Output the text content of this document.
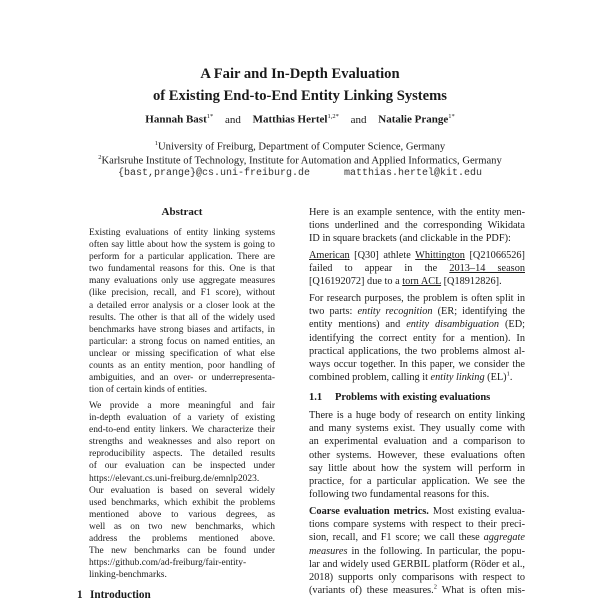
A Fair and In-Depth Evaluation
of Existing End-to-End Entity Linking Systems
Hannah Bast$^{1*}$ and Matthias Hertel$^{1,2*}$ and Natalie Prange$^{1*}$
$^1$University of Freiburg, Department of Computer Science, Germany
$^2$Karlsruhe Institute of Technology, Institute for Automation and Applied Informatics, Germany
{bast,prange}@cs.uni-freiburg.de	matthias.hertel@kit.edu
Abstract
Existing evaluations of entity linking systems
often say little about how the system is going to
perform for a particular application. There are
two fundamental reasons for this. One is that
many evaluations only use aggregate measures
(like precision, recall, and F1 score), without
a detailed error analysis or a closer look at the
results. The other is that all of the widely used
benchmarks have strong biases and artifacts, in
particular: a strong focus on named entities, an
unclear or missing specification of what else
counts as an entity mention, poor handling of
ambiguities, and an over- or underrepresenta-
tion of certain kinds of entities.
We provide a more meaningful and fair
in-depth evaluation of a variety of existing
end-to-end entity linkers. We characterize their
strengths and weaknesses and also report on
reproducibility aspects. The detailed results
of our evaluation can be inspected under
https://elevant.cs.uni-freiburg.de/emnlp2023.
Our evaluation is based on several widely
used benchmarks, which exhibit the problems
mentioned above to various degrees, as
well as on two new benchmarks, which
address the problems mentioned above.
The new benchmarks can be found under
https://github.com/ad-freiburg/fair-entity-
linking-benchmarks.
1 Introduction
Here is an example sentence, with the entity men-
tions underlined and the corresponding Wikidata
ID in square brackets (and clickable in the PDF):
American [Q30] athlete Whittington [Q21066526]
failed to appear in the 2013–14 season
[Q16192072] due to a torn ACL [Q18912826].
For research purposes, the problem is often split in
two parts: entity recognition (ER; identifying the
entity mentions) and entity disambiguation (ED;
identifying the correct entity for a mention). In
practical applications, the two problems almost al-
ways occur together. In this paper, we consider the
combined problem, calling it entity linking (EL)$^1$.
1.1 Problems with existing evaluations
There is a huge body of research on entity linking
and many systems exist. They usually come with
an experimental evaluation and a comparison to
other systems. However, these evaluations often
say little about how the system will perform in
practice, for a particular application. We see the
following two fundamental reasons for this.
Coarse evaluation metrics. Most existing evalua-
tions compare systems with respect to their preci-
sion, recall, and F1 score; we call these aggregate
measures in the following. In particular, the popu-
lar and widely used GERBIL platform (Röder et al.,
2018) supports only comparisons with respect to
(variants of) these measures.$^2$ What is often mis-
